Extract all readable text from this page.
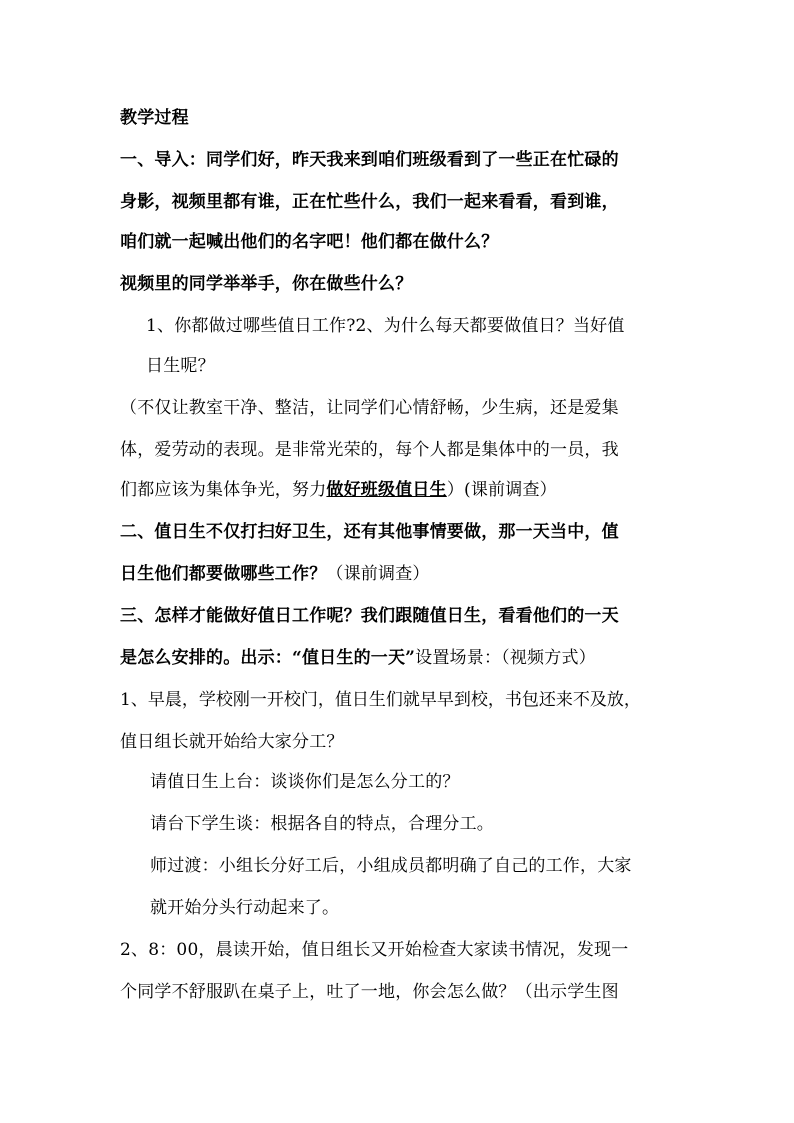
教学过程
一、导入：同学们好，昨天我来到咱们班级看到了一些正在忙碌的
身影，视频里都有谁，正在忙些什么，我们一起来看看，看到谁，
咱们就一起喊出他们的名字吧！他们都在做什么？
视频里的同学举举手，你在做些什么？
1、你都做过哪些值日工作?2、为什么每天都要做值日？当好值
日生呢？
（不仅让教室干净、整洁，让同学们心情舒畅，少生病，还是爱集
体，爱劳动的表现。是非常光荣的，每个人都是集体中的一员，我
们都应该为集体争光，努力做好班级值日生）(课前调查）
二、值日生不仅打扫好卫生，还有其他事情要做，那一天当中，值
日生他们都要做哪些工作？（课前调查）
三、怎样才能做好值日工作呢？我们跟随值日生，看看他们的一天
是怎么安排的。出示：“值日生的一天”设置场景：（视频方式）
1、早晨，学校刚一开校门，值日生们就早早到校，书包还来不及放，
值日组长就开始给大家分工？
请值日生上台：谈谈你们是怎么分工的？
请台下学生谈：根据各自的特点，合理分工。
师过渡：小组长分好工后，小组成员都明确了自己的工作，大家
就开始分头行动起来了。
2、8：00，晨读开始，值日组长又开始检查大家读书情况，发现一
个同学不舒服趴在桌子上，吐了一地，你会怎么做？（出示学生图
